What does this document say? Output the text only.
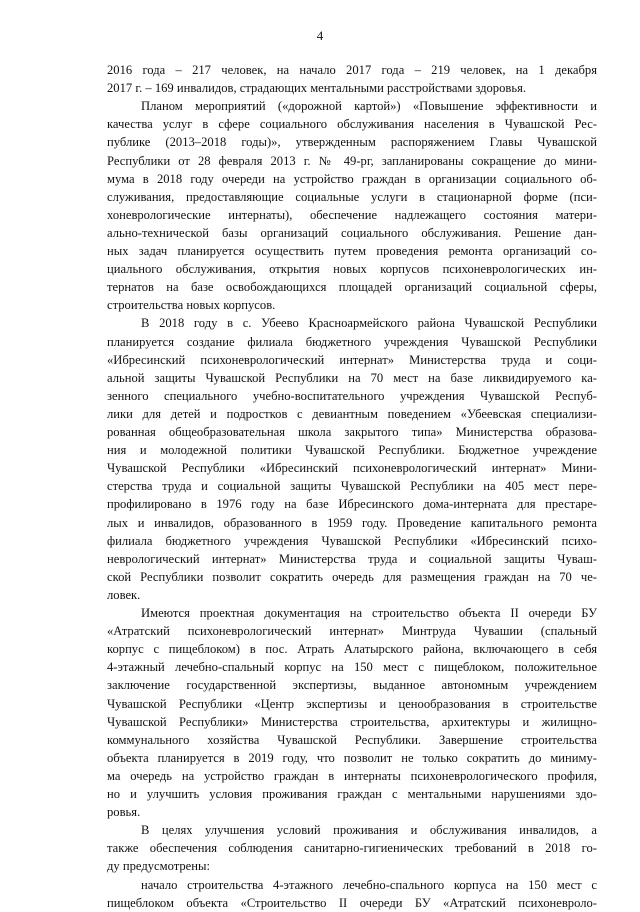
4
2016 года – 217 человек, на начало 2017 года – 219 человек, на 1 декабря
2017 г. – 169 инвалидов, страдающих ментальными расстройствами здоровья.
Планом мероприятий («дорожной картой») «Повышение эффективности и
качества услуг в сфере социального обслуживания населения в Чувашской Рес-
публике (2013–2018 годы)», утвержденным распоряжением Главы Чувашской
Республики от 28 февраля 2013 г. № 49-рг, запланированы сокращение до мини-
мума в 2018 году очереди на устройство граждан в организации социального об-
служивания, предоставляющие социальные услуги в стационарной форме (пси-
хоневрологические интернаты), обеспечение надлежащего состояния матери-
ально-технической базы организаций социального обслуживания. Решение дан-
ных задач планируется осуществить путем проведения ремонта организаций со-
циального обслуживания, открытия новых корпусов психоневрологических ин-
тернатов на базе освобождающихся площадей организаций социальной сферы,
строительства новых корпусов.
В 2018 году в с. Убеево Красноармейского района Чувашской Республики
планируется создание филиала бюджетного учреждения Чувашской Республики
«Ибресинский психоневрологический интернат» Министерства труда и соци-
альной защиты Чувашской Республики на 70 мест на базе ликвидируемого ка-
зенного специального учебно-воспитательного учреждения Чувашской Респуб-
лики для детей и подростков с девиантным поведением «Убеевская специализи-
рованная общеобразовательная школа закрытого типа» Министерства образова-
ния и молодежной политики Чувашской Республики. Бюджетное учреждение
Чувашской Республики «Ибресинский психоневрологический интернат» Мини-
стерства труда и социальной защиты Чувашской Республики на 405 мест пере-
профилировано в 1976 году на базе Ибресинского дома-интерната для престаре-
лых и инвалидов, образованного в 1959 году. Проведение капитального ремонта
филиала бюджетного учреждения Чувашской Республики «Ибресинский психо-
неврологический интернат» Министерства труда и социальной защиты Чуваш-
ской Республики позволит сократить очередь для размещения граждан на 70 че-
ловек.
Имеются проектная документация на строительство объекта II очереди БУ
«Атратский психоневрологический интернат» Минтруда Чувашии (спальный
корпус с пищеблоком) в пос. Атрать Алатырского района, включающего в себя
4-этажный лечебно-спальный корпус на 150 мест с пищеблоком, положительное
заключение государственной экспертизы, выданное автономным учреждением
Чувашской Республики «Центр экспертизы и ценообразования в строительстве
Чувашской Республики» Министерства строительства, архитектуры и жилищно-
коммунального хозяйства Чувашской Республики. Завершение строительства
объекта планируется в 2019 году, что позволит не только сократить до миниму-
ма очередь на устройство граждан в интернаты психоневрологического профиля,
но и улучшить условия проживания граждан с ментальными нарушениями здо-
ровья.
В целях улучшения условий проживания и обслуживания инвалидов, а
также обеспечения соблюдения санитарно-гигиенических требований в 2018 го-
ду предусмотрены:
начало строительства 4-этажного лечебно-спального корпуса на 150 мест с
пищеблоком объекта «Строительство II очереди БУ «Атратский психоневроло-
